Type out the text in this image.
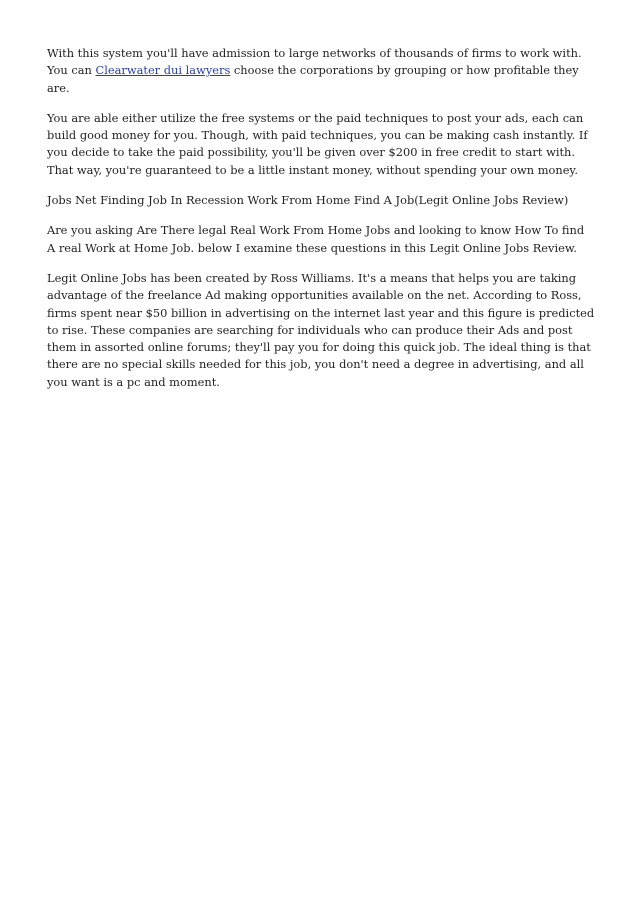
With this system you'll have admission to large networks of thousands of firms to work with. You can Clearwater dui lawyers choose the corporations by grouping or how profitable they are.

You are able either utilize the free systems or the paid techniques to post your ads, each can build good money for you. Though, with paid techniques, you can be making cash instantly. If you decide to take the paid possibility, you'll be given over $200 in free credit to start with. That way, you're guaranteed to be a little instant money, without spending your own money.

Jobs Net Finding Job In Recession Work From Home Find A Job(Legit Online Jobs Review)

Are you asking Are There legal Real Work From Home Jobs and looking to know How To find A real Work at Home Job. below I examine these questions in this Legit Online Jobs Review.

Legit Online Jobs has been created by Ross Williams. It's a means that helps you are taking advantage of the freelance Ad making opportunities available on the net. According to Ross, firms spent near $50 billion in advertising on the internet last year and this figure is predicted to rise. These companies are searching for individuals who can produce their Ads and post them in assorted online forums; they'll pay you for doing this quick job. The ideal thing is that there are no special skills needed for this job, you don't need a degree in advertising, and all you want is a pc and moment.
